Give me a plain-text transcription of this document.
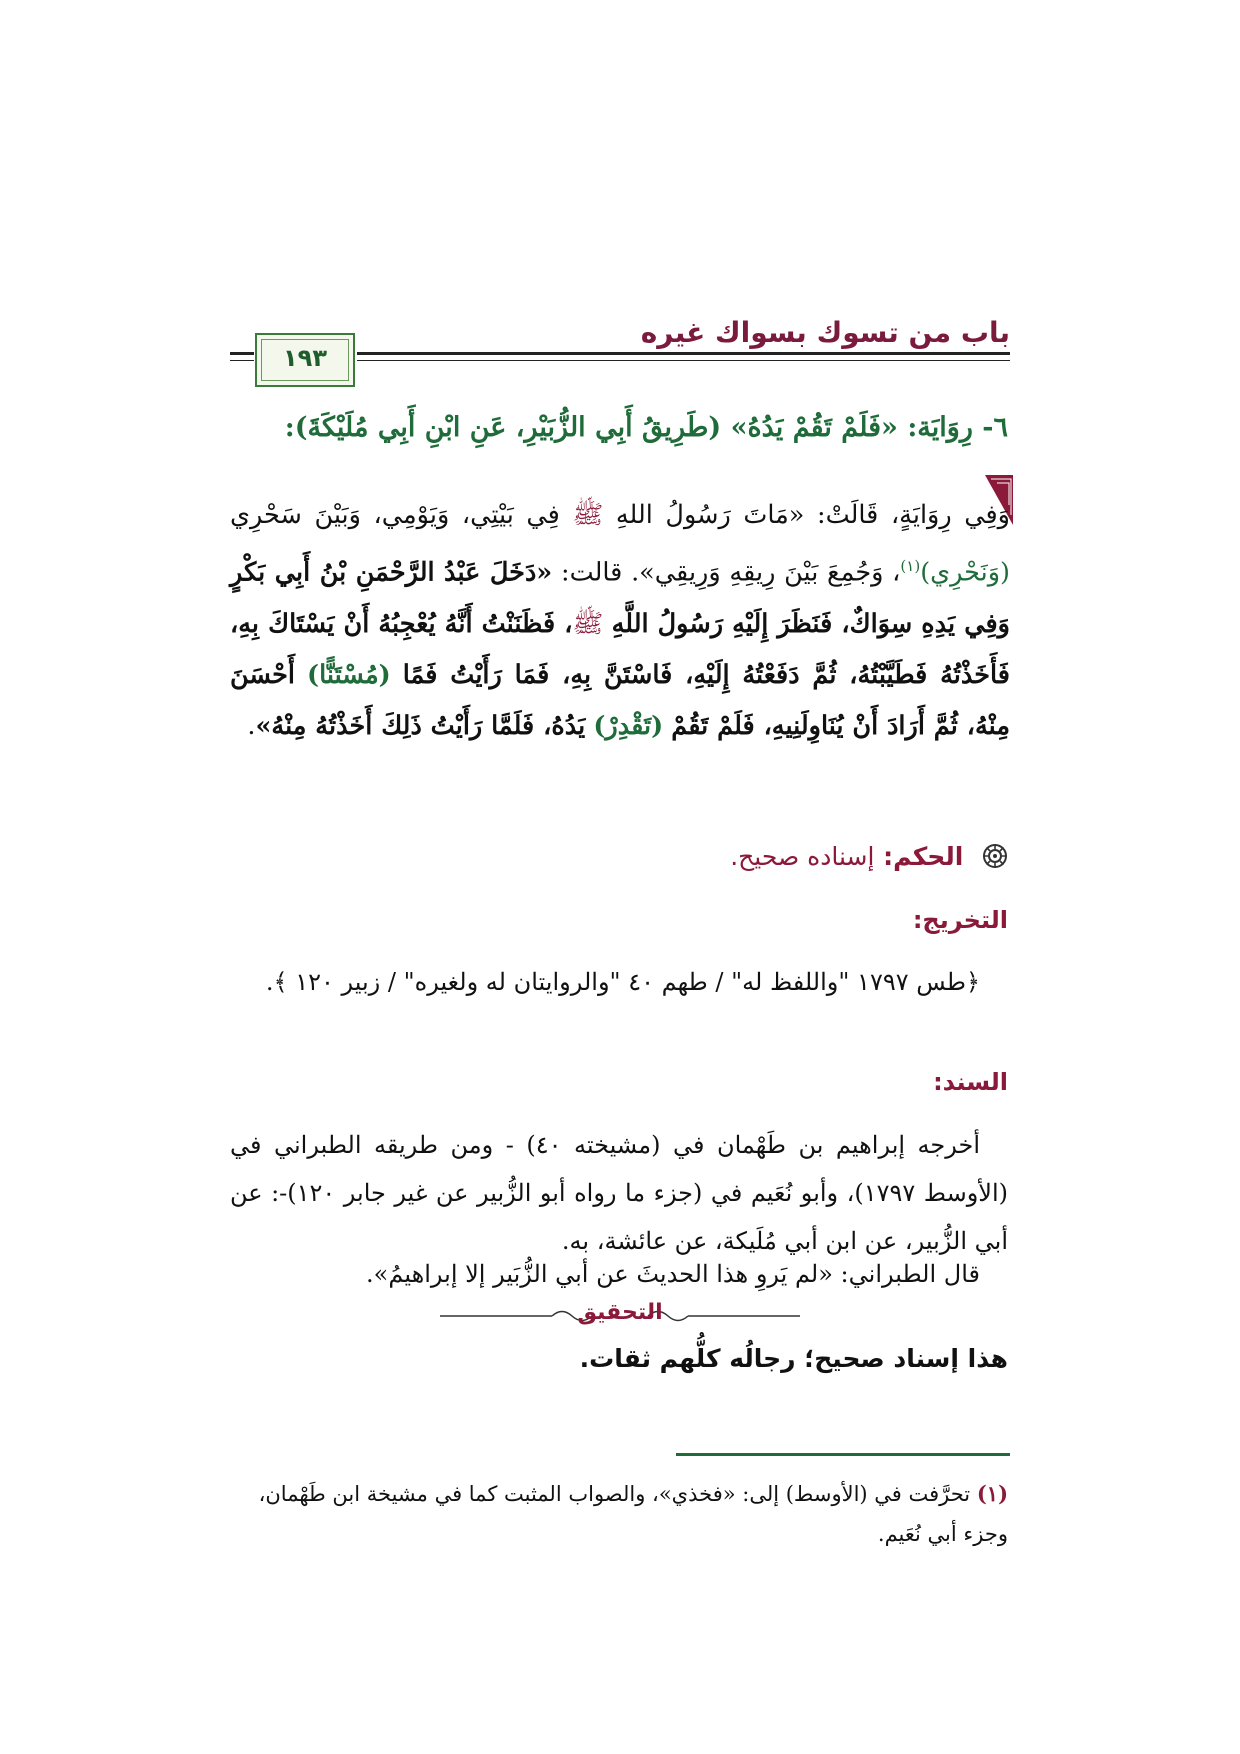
باب من تسوك بسواك غيره
١٩٣
٦- رِوَايَة: «فَلَمْ تَقُمْ يَدُهُ» (طَرِيقُ أَبِي الزُّبَيْرِ، عَنِ ابْنِ أَبِي مُلَيْكَةَ):
وَفِي رِوَايَةٍ، قَالَتْ: «مَاتَ رَسُولُ اللهِ ﷺ فِي بَيْتِي، وَيَوْمِي، وَبَيْنَ سَحْرِي (وَنَحْرِي)$^{(١)}$، وَجُمِعَ بَيْنَ رِيقِهِ وَرِيقِي». قالت: «دَخَلَ عَبْدُ الرَّحْمَنِ بْنُ أَبِي بَكْرٍ وَفِي يَدِهِ سِوَاكٌ، فَنَظَرَ إِلَيْهِ رَسُولُ اللَّهِ ﷺ، فَظَنَنْتُ أَنَّهُ يُعْجِبُهُ أَنْ يَسْتَاكَ بِهِ، فَأَخَذْتُهُ فَطَيَّبْتُهُ، ثُمَّ دَفَعْتُهُ إِلَيْهِ، فَاسْتَنَّ بِهِ، فَمَا رَأَيْتُ فَمًا (مُسْتَنًّا) أَحْسَنَ مِنْهُ، ثُمَّ أَرَادَ أَنْ يُنَاوِلَنِيهِ، فَلَمْ تَقُمْ (تَقْدِرْ) يَدُهُ، فَلَمَّا رَأَيْتُ ذَلِكَ أَخَذْتُهُ مِنْهُ».
الحكم: إسناده صحيح.
التخريج:
﴿طس ١٧٩٧ "واللفظ له" / طهم ٤٠ "والروايتان له ولغيره" / زبير ١٢٠ ﴾.
السند:
أخرجه إبراهيم بن طَهْمان في (مشيخته ٤٠) - ومن طريقه الطبراني في (الأوسط ١٧٩٧)، وأبو نُعَيم في (جزء ما رواه أبو الزُّبير عن غير جابر ١٢٠)-: عن أبي الزُّبير، عن ابن أبي مُلَيكة، عن عائشة، به.
قال الطبراني: «لم يَروِ هذا الحديثَ عن أبي الزُّبَير إلا إبراهيمُ».
التحقيق
هذا إسناد صحيح؛ رجالُه كلُّهم ثقات.
(١) تحرَّفت في (الأوسط) إلى: «فخذي»، والصواب المثبت كما في مشيخة ابن طَهْمان، وجزء أبي نُعَيم.
